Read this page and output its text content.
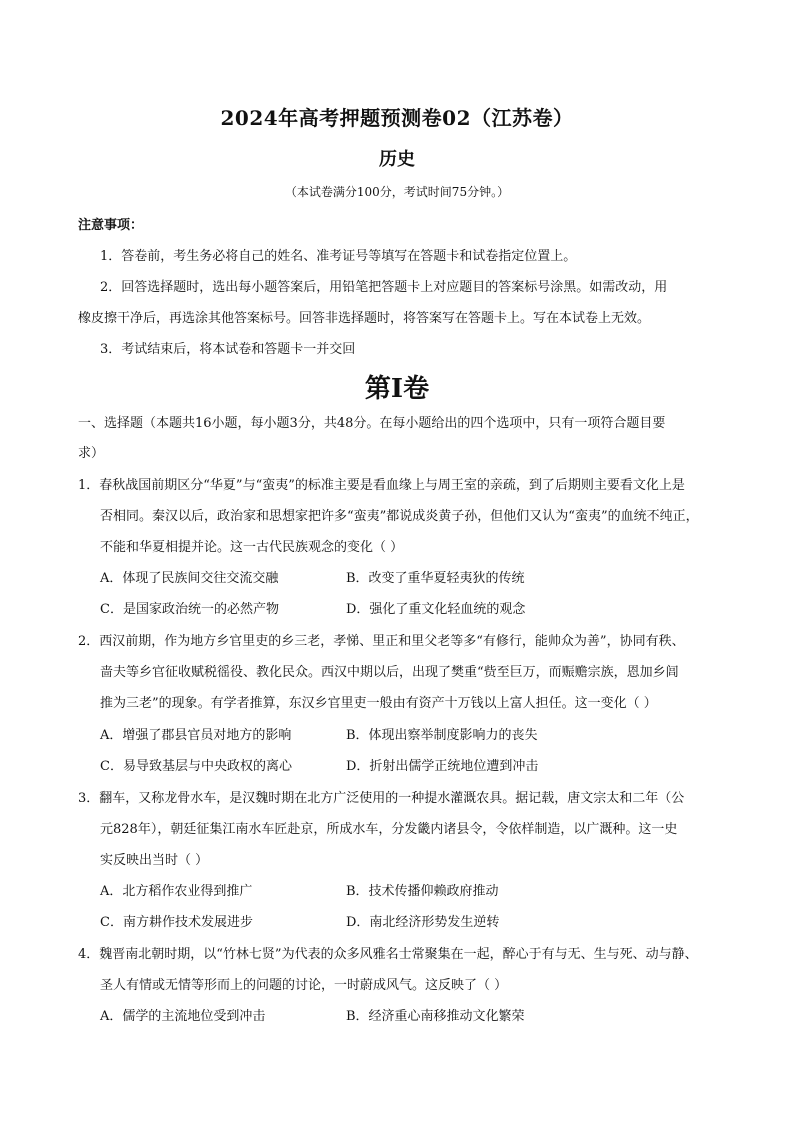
2024年高考押题预测卷02（江苏卷）
历史
（本试卷满分100分，考试时间75分钟。）
注意事项：
1．答卷前，考生务必将自己的姓名、准考证号等填写在答题卡和试卷指定位置上。
2．回答选择题时，选出每小题答案后，用铅笔把答题卡上对应题目的答案标号涂黑。如需改动，用
橡皮擦干净后，再选涂其他答案标号。回答非选择题时，将答案写在答题卡上。写在本试卷上无效。
3．考试结束后，将本试卷和答题卡一并交回
第I卷
一、选择题（本题共16小题，每小题3分，共48分。在每小题给出的四个选项中，只有一项符合题目要
求）
1．春秋战国前期区分“华夏”与“蛮夷”的标准主要是看血缘上与周王室的亲疏，到了后期则主要看文化上是
否相同。秦汉以后，政治家和思想家把许多“蛮夷”都说成炎黄子孙，但他们又认为“蛮夷”的血统不纯正，
不能和华夏相提并论。这一古代民族观念的变化（ ）
A．体现了民族间交往交流交融	B．改变了重华夏轻夷狄的传统
C．是国家政治统一的必然产物	D．强化了重文化轻血统的观念
2．西汉前期，作为地方乡官里吏的乡三老，孝悌、里正和里父老等多“有修行，能帅众为善”，协同有秩、
啬夫等乡官征收赋税徭役、教化民众。西汉中期以后，出现了樊重“赀至巨万，而赈赡宗族，恩加乡闾
推为三老”的现象。有学者推算，东汉乡官里吏一般由有资产十万钱以上富人担任。这一变化（ ）
A．增强了郡县官员对地方的影响	B．体现出察举制度影响力的丧失
C．易导致基层与中央政权的离心	D．折射出儒学正统地位遭到冲击
3．翻车，又称龙骨水车，是汉魏时期在北方广泛使用的一种提水灌溉农具。据记载，唐文宗太和二年（公
元828年），朝廷征集江南水车匠赴京，所成水车，分发畿内诸县令，令依样制造，以广溉种。这一史
实反映出当时（ ）
A．北方稻作农业得到推广	B．技术传播仰赖政府推动
C．南方耕作技术发展进步	D．南北经济形势发生逆转
4．魏晋南北朝时期，以“竹林七贤”为代表的众多风雅名士常聚集在一起，醉心于有与无、生与死、动与静、
圣人有情或无情等形而上的问题的讨论，一时蔚成风气。这反映了（ ）
A．儒学的主流地位受到冲击	B．经济重心南移推动文化繁荣
